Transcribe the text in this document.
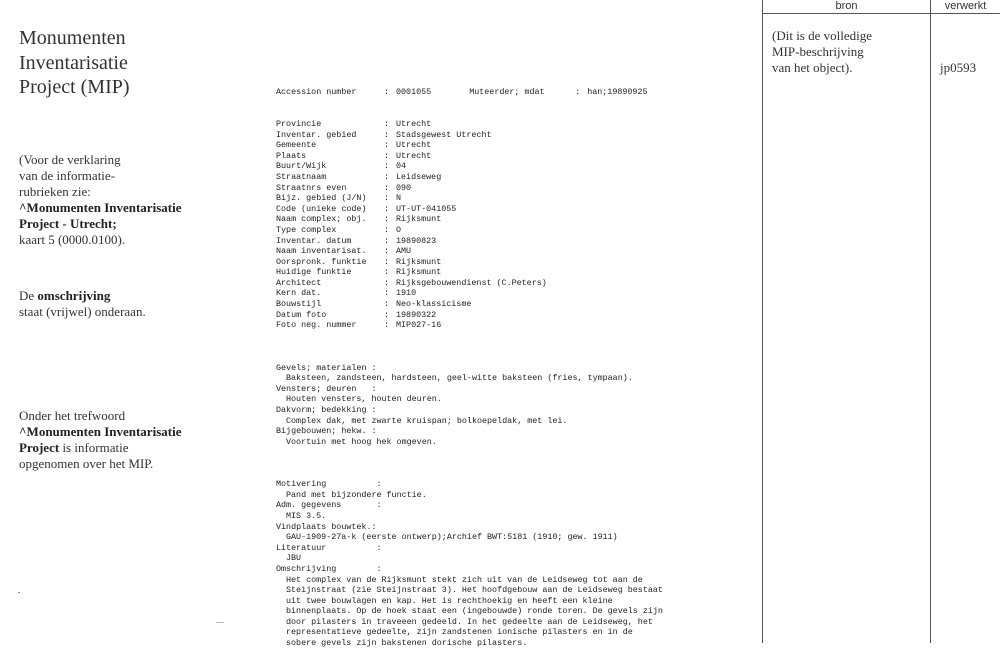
Monumenten

Inventarisatie

Project (MIP)

(Voor de verklaring
van de informatie-
rubrieken zie:
^Monumenten Inventarisatie
Project - Utrecht;
kaart 5 (0000.0100).
De omschrijving
staat (vrijwel) onderaan.
Onder het trefwoord
^Monumenten Inventarisatie
Project is informatie
opgenomen over het MIP.

Accession number	: 0001055	Muteerder; mdat	: han;19890925

Provincie	: Utrecht
Inventar. gebied	: Stadsgewest Utrecht
Gemeente	: Utrecht
Plaats	: Utrecht
Buurt/Wijk	: 04
Straatnaam	: Leidseweg
Straatnrs even	: 090
Bijz. gebied (J/N)	: N
Code (unieke code)	: UT-UT-041055
Naam complex; obj.	: Rijksmunt
Type complex	: O
Inventar. datum	: 19890823
Naam inventarisat.	: AMU
Oorspronk. funktie	: Rijksmunt
Huidige funktie	: Rijksmunt
Architect	: Rijksgebouwendienst (C.Peters)
Kern dat.	: 1910
Bouwstijl	: Neo-klassicisme
Datum foto	: 19890322
Foto neg. nummer	: MIP027-16

Gevels; materialen :
Baksteen, zandsteen, hardsteen, geel-witte baksteen (fries, tympaan).
Vensters; deuren   :
Houten vensters, houten deuren.
Dakvorm; bedekking :
Complex dak, met zwarte kruispan; bolkoepeldak, met lei.
Bijgebouwen; hekw. :
Voortuin met hoog hek omgeven.

Motivering          :
Pand met bijzondere functie.
Adm. gegevens       :
MIS 3.5.
Vindplaats bouwtek.:
GAU-1909-27a-k (eerste ontwerp);Archief BWT:5181 (1910; gew. 1911)
Literatuur          :
JBU
Omschrijving        :
Het complex van de Rijksmunt stekt zich uit van de Leidseweg tot aan de
Steijnstraat (zie Steijnstraat 3). Het hoofdgebouw aan de Leidseweg bestaat
uit twee bouwlagen en kap. Het is rechthoekig en heeft een kleine
binnenplaats. Op de hoek staat een (ingebouwde) ronde toren. De gevels zijn
door pilasters in traveeen gedeeld. In het gedeelte aan de Leidseweg, het
representatieve gedeelte, zijn zandstenen ionische pilasters en in de
sobere gevels zijn bakstenen dorische pilasters.

bron	verwerkt
(Dit is de volledige
MIP-beschrijving
van het object).	jp0593
